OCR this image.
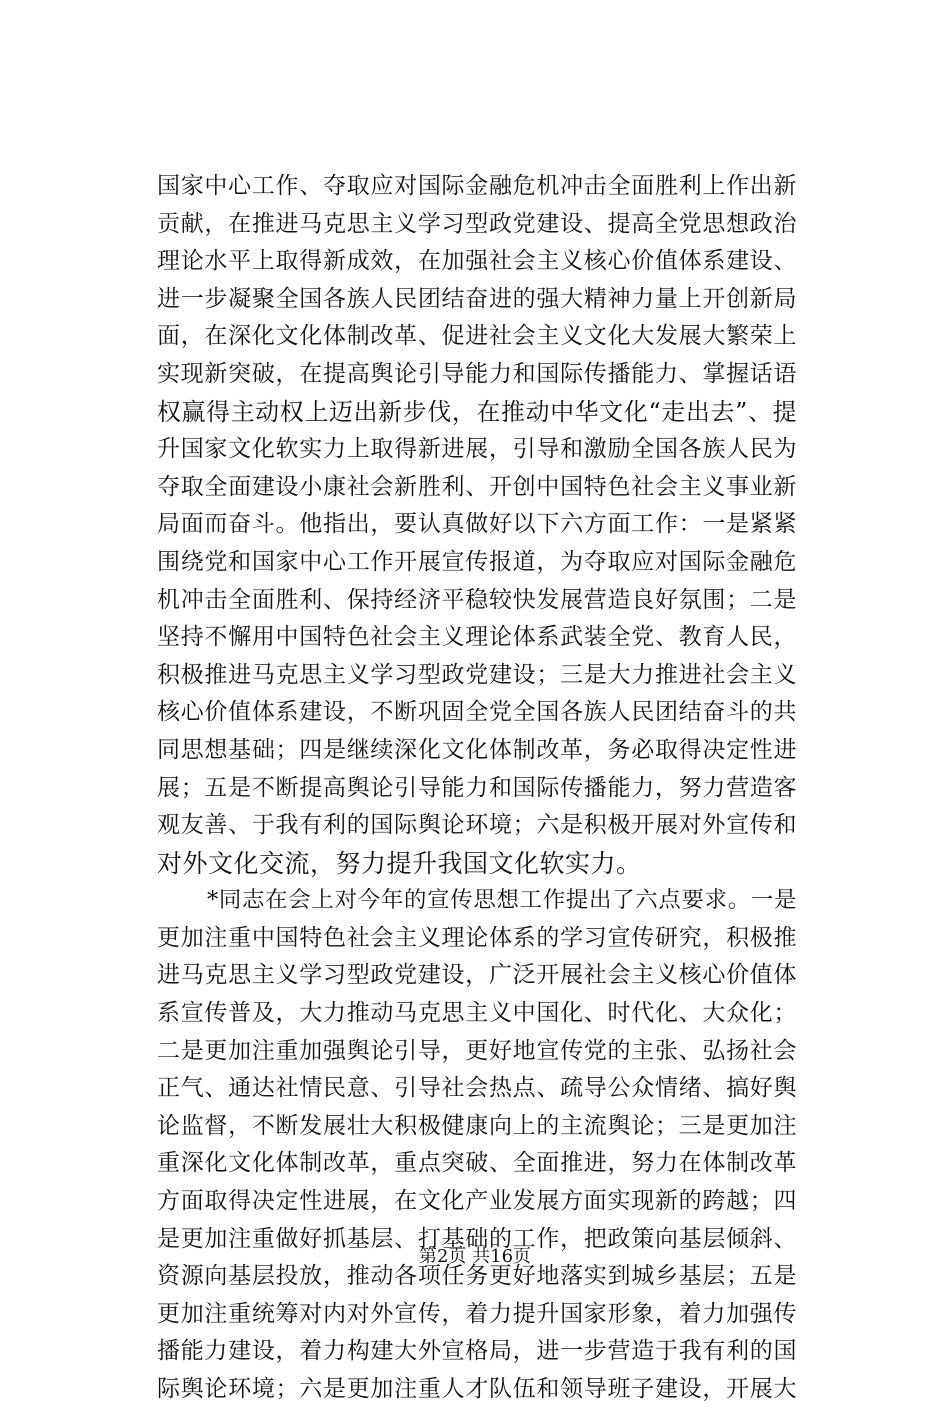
国家中心工作、夺取应对国际金融危机冲击全面胜利上作出新
贡献，在推进马克思主义学习型政党建设、提高全党思想政治
理论水平上取得新成效，在加强社会主义核心价值体系建设、
进一步凝聚全国各族人民团结奋进的强大精神力量上开创新局
面，在深化文化体制改革、促进社会主义文化大发展大繁荣上
实现新突破，在提高舆论引导能力和国际传播能力、掌握话语
权赢得主动权上迈出新步伐，在推动中华文化“走出去”、提
升国家文化软实力上取得新进展，引导和激励全国各族人民为
夺取全面建设小康社会新胜利、开创中国特色社会主义事业新
局面而奋斗。他指出，要认真做好以下六方面工作：一是紧紧
围绕党和国家中心工作开展宣传报道，为夺取应对国际金融危
机冲击全面胜利、保持经济平稳较快发展营造良好氛围；二是
坚持不懈用中国特色社会主义理论体系武装全党、教育人民，
积极推进马克思主义学习型政党建设；三是大力推进社会主义
核心价值体系建设，不断巩固全党全国各族人民团结奋斗的共
同思想基础；四是继续深化文化体制改革，务必取得决定性进
展；五是不断提高舆论引导能力和国际传播能力，努力营造客
观友善、于我有利的国际舆论环境；六是积极开展对外宣传和
对外文化交流，努力提升我国文化软实力。
*同志在会上对今年的宣传思想工作提出了六点要求。一是
更加注重中国特色社会主义理论体系的学习宣传研究，积极推
进马克思主义学习型政党建设，广泛开展社会主义核心价值体
系宣传普及，大力推动马克思主义中国化、时代化、大众化；
二是更加注重加强舆论引导，更好地宣传党的主张、弘扬社会
正气、通达社情民意、引导社会热点、疏导公众情绪、搞好舆
论监督，不断发展壮大积极健康向上的主流舆论；三是更加注
重深化文化体制改革，重点突破、全面推进，努力在体制改革
方面取得决定性进展，在文化产业发展方面实现新的跨越；四
是更加注重做好抓基层、打基础的工作，把政策向基层倾斜、
资源向基层投放，推动各项任务更好地落实到城乡基层；五是
更加注重统筹对内对外宣传，着力提升国家形象，着力加强传
播能力建设，着力构建大外宣格局，进一步营造于我有利的国
际舆论环境；六是更加注重人才队伍和领导班子建设，开展大
第2页 共16页
